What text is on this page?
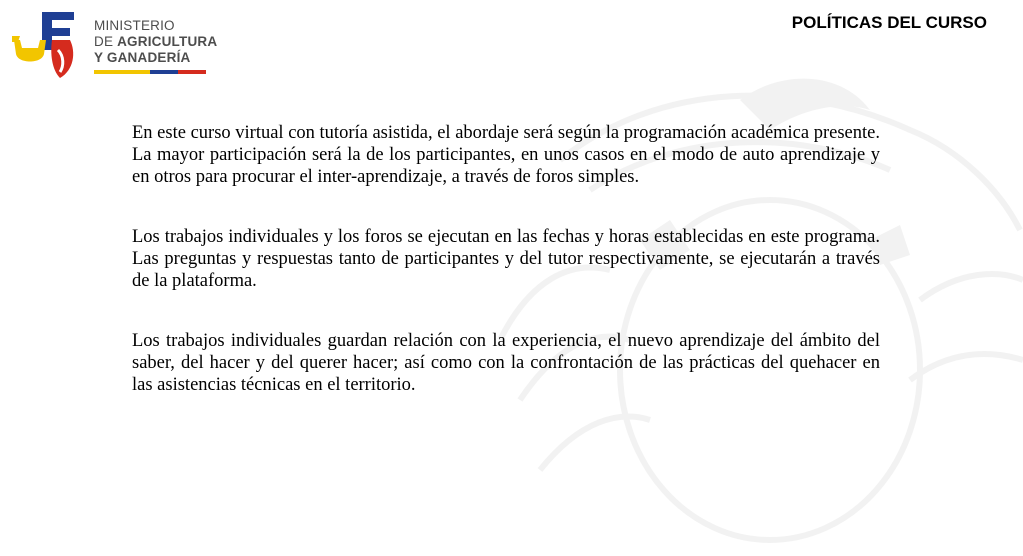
MINISTERIO
DE AGRICULTURA
Y GANADERÍA
POLÍTICAS DEL CURSO

En este curso virtual con tutoría asistida, el abordaje será según la programación académica presente. La mayor participación será la de los participantes, en unos casos en el modo de auto aprendizaje y en otros para procurar el inter-aprendizaje, a través de foros simples.

Los trabajos individuales y los foros se ejecutan en las fechas y horas establecidas en este programa. Las preguntas y respuestas tanto de participantes y del tutor respectivamente, se ejecutarán a través de la plataforma.

Los trabajos individuales guardan relación con la experiencia, el nuevo aprendizaje del ámbito del saber, del hacer y del querer hacer; así como con la confrontación de las prácticas del quehacer en las asistencias técnicas en el territorio.
